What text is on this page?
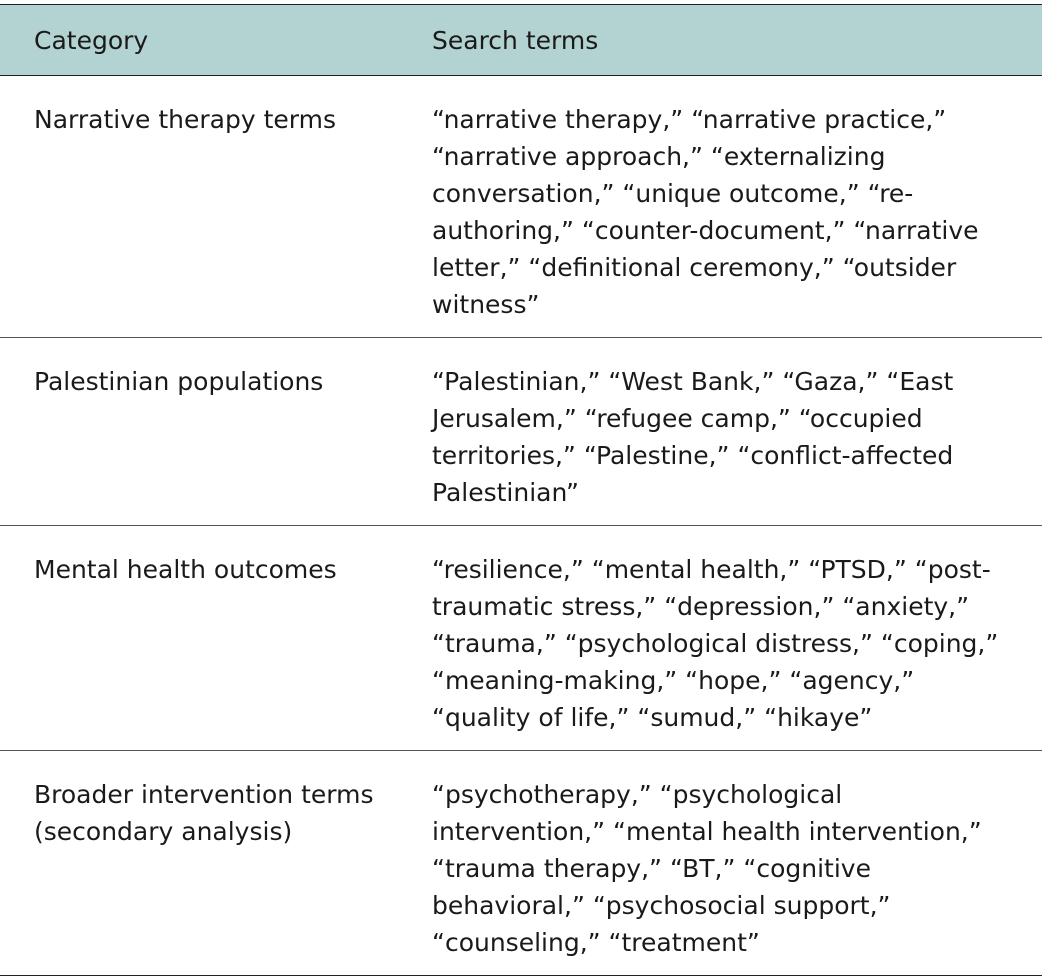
Category	Search terms
Narrative therapy terms	“narrative therapy,” “narrative practice,” “narrative approach,” “externalizing conversation,” “unique outcome,” “re-authoring,” “counter-document,” “narrative letter,” “definitional ceremony,” “outsider witness”
Palestinian populations	“Palestinian,” “West Bank,” “Gaza,” “East Jerusalem,” “refugee camp,” “occupied territories,” “Palestine,” “conflict-affected Palestinian”
Mental health outcomes	“resilience,” “mental health,” “PTSD,” “post-traumatic stress,” “depression,” “anxiety,” “trauma,” “psychological distress,” “coping,” “meaning-making,” “hope,” “agency,” “quality of life,” “sumud,” “hikaye”
Broader intervention terms (secondary analysis)	“psychotherapy,” “psychological intervention,” “mental health intervention,” “trauma therapy,” “BT,” “cognitive behavioral,” “psychosocial support,” “counseling,” “treatment”
